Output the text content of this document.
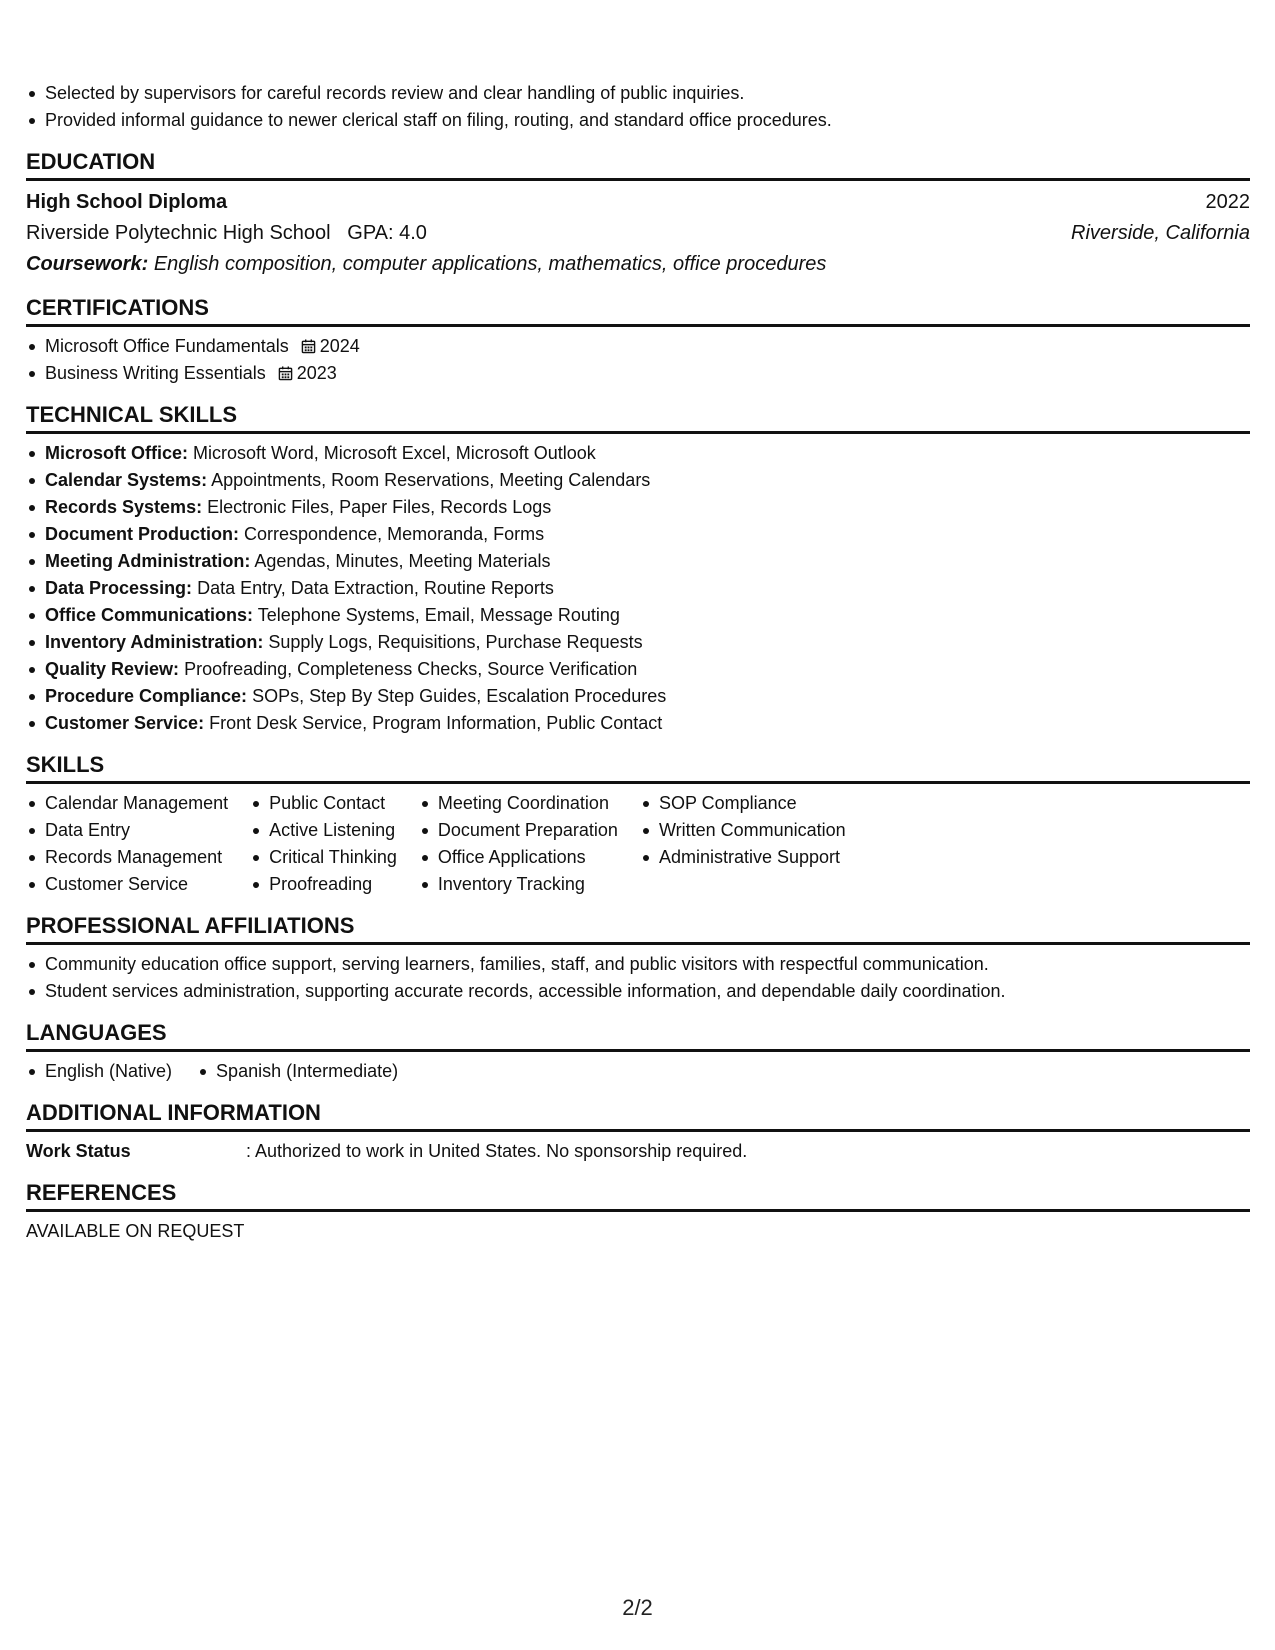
Selected by supervisors for careful records review and clear handling of public inquiries.
Provided informal guidance to newer clerical staff on filing, routing, and standard office procedures.
EDUCATION
High School Diploma	2022
Riverside Polytechnic High School GPA: 4.0	Riverside, California
Coursework: English composition, computer applications, mathematics, office procedures
CERTIFICATIONS
Microsoft Office Fundamentals 2024
Business Writing Essentials 2023
TECHNICAL SKILLS
Microsoft Office: Microsoft Word, Microsoft Excel, Microsoft Outlook
Calendar Systems: Appointments, Room Reservations, Meeting Calendars
Records Systems: Electronic Files, Paper Files, Records Logs
Document Production: Correspondence, Memoranda, Forms
Meeting Administration: Agendas, Minutes, Meeting Materials
Data Processing: Data Entry, Data Extraction, Routine Reports
Office Communications: Telephone Systems, Email, Message Routing
Inventory Administration: Supply Logs, Requisitions, Purchase Requests
Quality Review: Proofreading, Completeness Checks, Source Verification
Procedure Compliance: SOPs, Step By Step Guides, Escalation Procedures
Customer Service: Front Desk Service, Program Information, Public Contact
SKILLS
Calendar Management
Data Entry
Records Management
Customer Service
Public Contact
Active Listening
Critical Thinking
Proofreading
Meeting Coordination
Document Preparation
Office Applications
Inventory Tracking
SOP Compliance
Written Communication
Administrative Support
PROFESSIONAL AFFILIATIONS
Community education office support, serving learners, families, staff, and public visitors with respectful communication.
Student services administration, supporting accurate records, accessible information, and dependable daily coordination.
LANGUAGES
English (Native)	Spanish (Intermediate)
ADDITIONAL INFORMATION
Work Status	: Authorized to work in United States. No sponsorship required.
REFERENCES
AVAILABLE ON REQUEST
2/2
